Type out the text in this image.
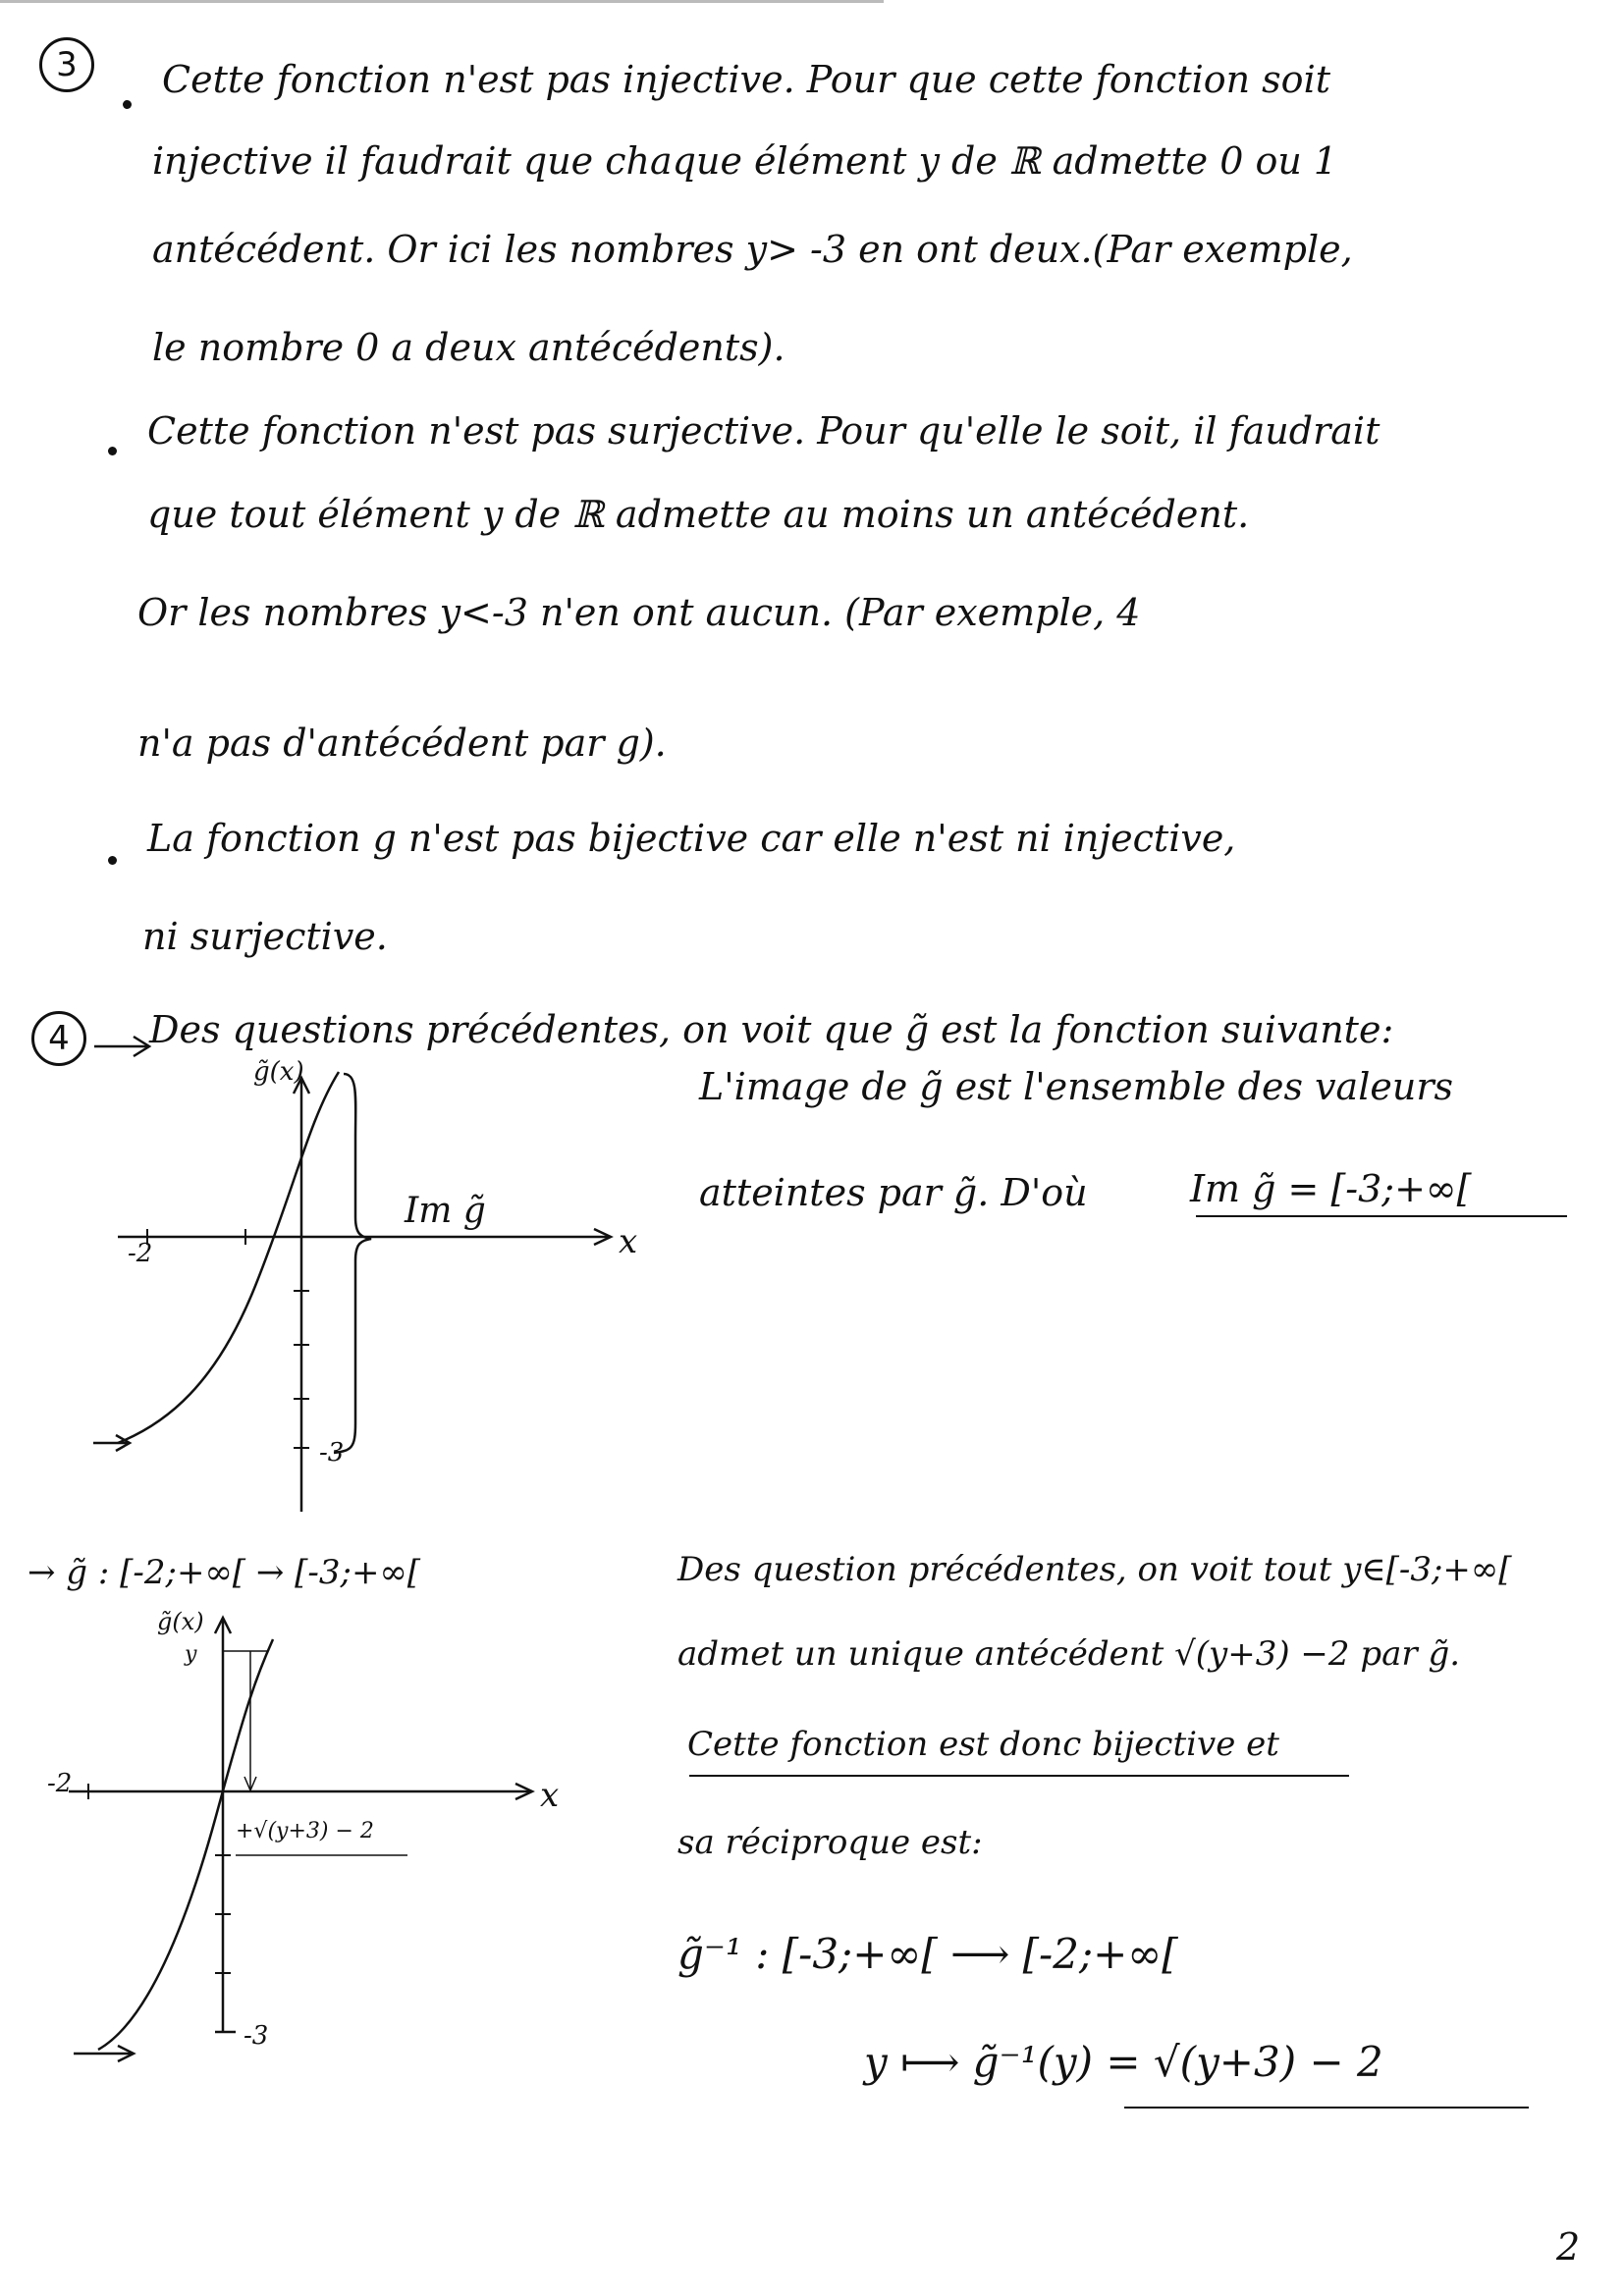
3	Cette fonction n'est pas injective. Pour que cette fonction soit
injective il faudrait que chaque élément y de ℝ admette 0 ou 1
antécédent. Or ici les nombres y> -3 en ont deux.(Par exemple,
le nombre 0 a deux antécédents).
Cette fonction n'est pas surjective. Pour qu'elle le soit, il faudrait
que tout élément y de ℝ admette au moins un antécédent.
Or les nombres y<-3 n'en ont aucun. (Par exemple, 4
n'a pas d'antécédent par g).
La fonction g n'est pas bijective car elle n'est ni injective,
ni surjective.
4	Des questions précédentes, on voit que g̃ est la fonction suivante:
-2
-3
g̃(x)
x
Im g̃
L'image de g̃ est l'ensemble des valeurs
atteintes par g̃. D'où	Im g̃ = [-3;+∞[
→ g̃ : [-2;+∞[ → [-3;+∞[
-2
-3
g̃(x)
y
x
+√(y+3) − 2
Des question précédentes, on voit tout y∈[-3;+∞[
admet un unique antécédent √(y+3) −2 par g̃.
Cette fonction est donc bijective et
sa réciproque est:
g̃⁻¹ : [-3;+∞[ ⟶ [-2;+∞[
y ⟼ g̃⁻¹(y) = √(y+3) − 2
2
